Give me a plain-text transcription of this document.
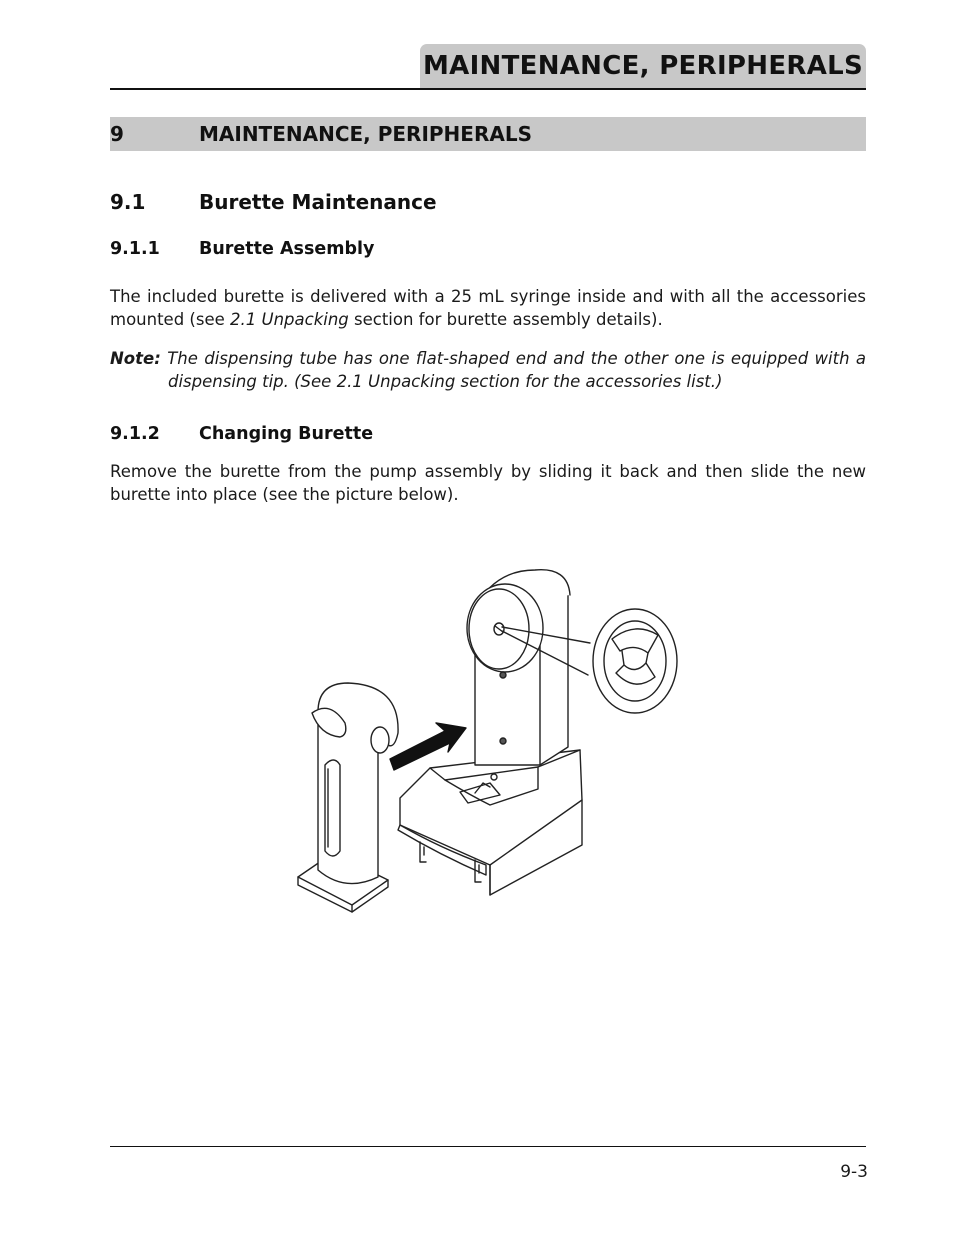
MAINTENANCE, PERIPHERALS
9	MAINTENANCE, PERIPHERALS
9.1	Burette Maintenance
9.1.1 Burette Assembly
The included burette is delivered with a 25 mL syringe inside and with all the accessories mounted (see 2.1 Unpacking section for burette assembly details).
Note: The dispensing tube has one flat-shaped end and the other one is equipped with a dispensing tip. (See 2.1 Unpacking section for the accessories list.)
9.1.2 Changing Burette
Remove the burette from the pump assembly by sliding it back and then slide the new burette into place (see the picture below).
9-3
